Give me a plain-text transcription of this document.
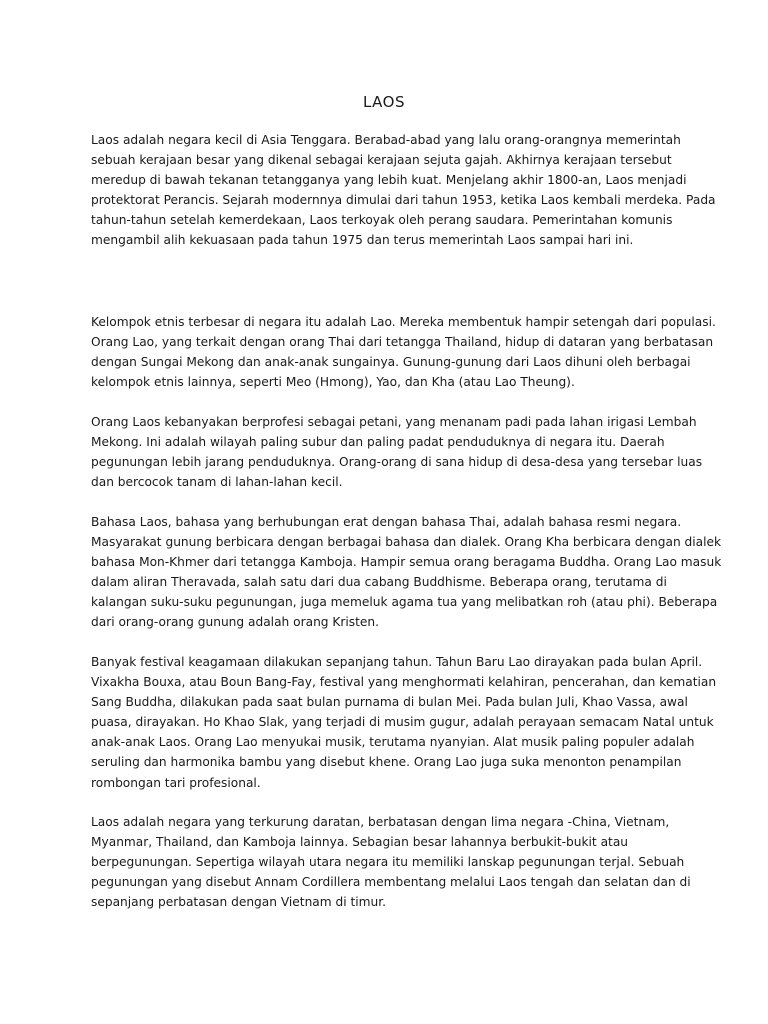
LAOS

Laos adalah negara kecil di Asia Tenggara. Berabad-abad yang lalu orang-orangnya memerintah
sebuah kerajaan besar yang dikenal sebagai kerajaan sejuta gajah. Akhirnya kerajaan tersebut
meredup di bawah tekanan tetangganya yang lebih kuat. Menjelang akhir 1800-an, Laos menjadi
protektorat Perancis. Sejarah modernnya dimulai dari tahun 1953, ketika Laos kembali merdeka. Pada
tahun-tahun setelah kemerdekaan, Laos terkoyak oleh perang saudara. Pemerintahan komunis
mengambil alih kekuasaan pada tahun 1975 dan terus memerintah Laos sampai hari ini.

Kelompok etnis terbesar di negara itu adalah Lao. Mereka membentuk hampir setengah dari populasi.
Orang Lao, yang terkait dengan orang Thai dari tetangga Thailand, hidup di dataran yang berbatasan
dengan Sungai Mekong dan anak-anak sungainya. Gunung-gunung dari Laos dihuni oleh berbagai
kelompok etnis lainnya, seperti Meo (Hmong), Yao, dan Kha (atau Lao Theung).

Orang Laos kebanyakan berprofesi sebagai petani, yang menanam padi pada lahan irigasi Lembah
Mekong. Ini adalah wilayah paling subur dan paling padat penduduknya di negara itu. Daerah
pegunungan lebih jarang penduduknya. Orang-orang di sana hidup di desa-desa yang tersebar luas
dan bercocok tanam di lahan-lahan kecil.

Bahasa Laos, bahasa yang berhubungan erat dengan bahasa Thai, adalah bahasa resmi negara.
Masyarakat gunung berbicara dengan berbagai bahasa dan dialek. Orang Kha berbicara dengan dialek
bahasa Mon-Khmer dari tetangga Kamboja. Hampir semua orang beragama Buddha. Orang Lao masuk
dalam aliran Theravada, salah satu dari dua cabang Buddhisme. Beberapa orang, terutama di
kalangan suku-suku pegunungan, juga memeluk agama tua yang melibatkan roh (atau phi). Beberapa
dari orang-orang gunung adalah orang Kristen.

Banyak festival keagamaan dilakukan sepanjang tahun. Tahun Baru Lao dirayakan pada bulan April.
Vixakha Bouxa, atau Boun Bang-Fay, festival yang menghormati kelahiran, pencerahan, dan kematian
Sang Buddha, dilakukan pada saat bulan purnama di bulan Mei. Pada bulan Juli, Khao Vassa, awal
puasa, dirayakan. Ho Khao Slak, yang terjadi di musim gugur, adalah perayaan semacam Natal untuk
anak-anak Laos. Orang Lao menyukai musik, terutama nyanyian. Alat musik paling populer adalah
seruling dan harmonika bambu yang disebut khene. Orang Lao juga suka menonton penampilan
rombongan tari profesional.

Laos adalah negara yang terkurung daratan, berbatasan dengan lima negara -China, Vietnam,
Myanmar, Thailand, dan Kamboja lainnya. Sebagian besar lahannya berbukit-bukit atau
berpegunungan. Sepertiga wilayah utara negara itu memiliki lanskap pegunungan terjal. Sebuah
pegunungan yang disebut Annam Cordillera membentang melalui Laos tengah dan selatan dan di
sepanjang perbatasan dengan Vietnam di timur.
